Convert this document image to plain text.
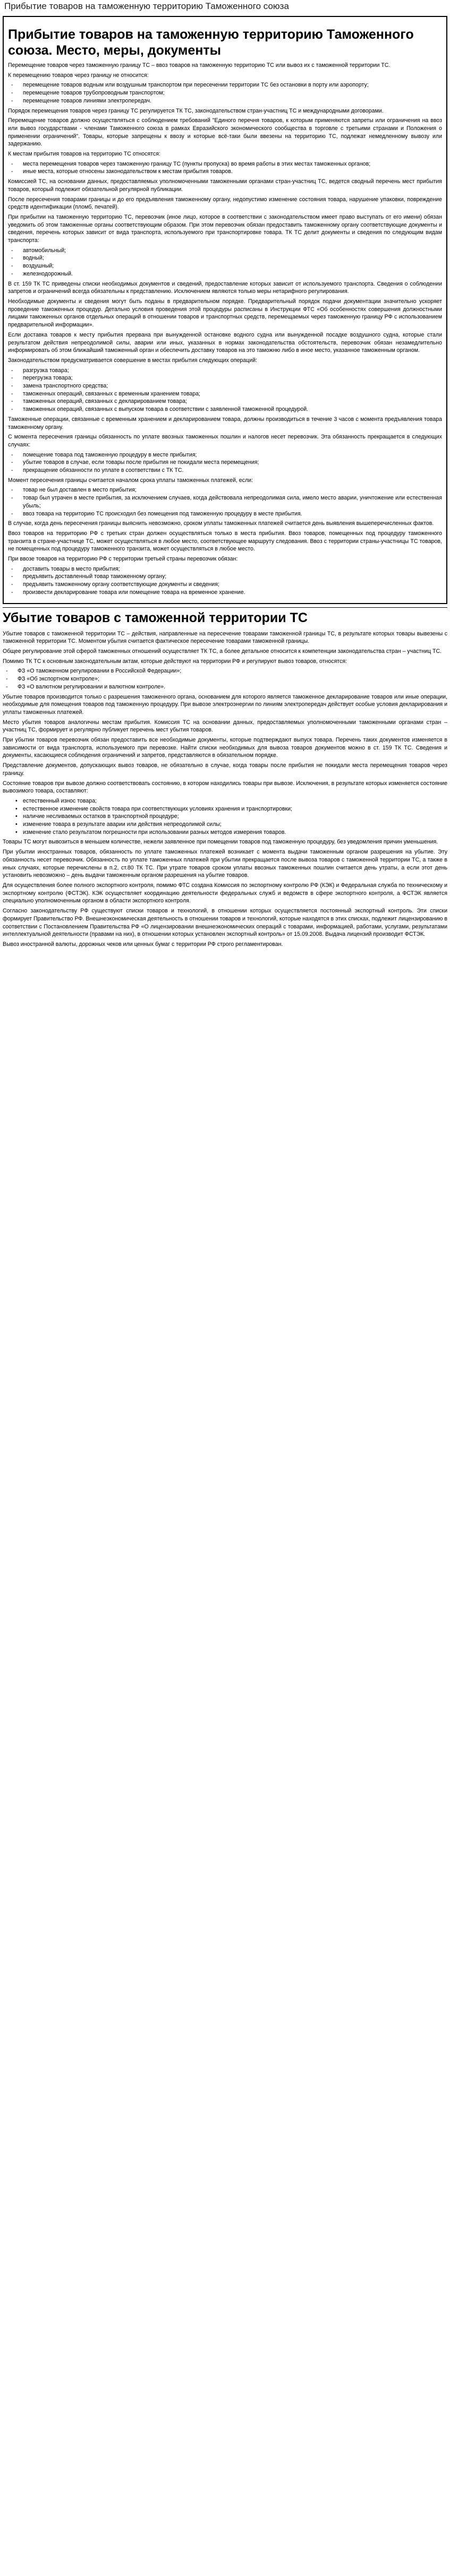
Прибытие товаров на таможенную территорию Таможенного союза
Прибытие товаров на таможенную территорию Таможенного союза. Место, меры, документы

Перемещение товаров через таможенную границу ТС – ввоз товаров на таможенную территорию ТС или вывоз их с таможенной территории ТС.

К перемещению товаров через границу не относится:

- перемещение товаров водным или воздушным транспортом при пересечении территории ТС без остановки в порту или аэропорту;
- перемещение товаров трубопроводным транспортом;
- перемещение товаров линиями электропередач.

Порядок перемещения товаров через границу ТС регулируется ТК ТС, законодательством стран-участниц ТС и международными договорами.

Перемещение товаров должно осуществляться с соблюдением требований "Единого перечня товаров, к которым применяются запреты или ограничения на ввоз или вывоз государствами - членами Таможенного союза в рамках Евразийского экономического сообщества в торговле с третьими странами и Положения о применении ограничений". Товары, которые запрещены к ввозу и которые всё-таки были ввезены на территорию ТС, подлежат немедленному вывозу или задержанию.

К местам прибытия товаров на территорию ТС относятся:

- места перемещения товаров через таможенную границу ТС (пункты пропуска) во время работы в этих местах таможенных органов;
- иные места, которые относены законодательством к местам прибытия товаров.

Комиссией ТС, на основании данных, предоставляемых уполномоченными таможенными органами стран-участниц ТС, ведется сводный перечень мест прибытия товаров, который подлежит обязательной регулярной публикации.

После пересечения товарами границы и до его предъявления таможенному органу, недопустимо изменение состояния товара, нарушение упаковки, повреждение средств идентификации (пломб, печатей).

При прибытии на таможенную территорию ТС, перевозчик (иное лицо, которое в соответствии с законодательством имеет право выступать от его имени) обязан уведомить об этом таможенные органы соответствующим образом. При этом перевозчик обязан предоставить таможенному органу соответствующие документы и сведения, перечень которых зависит от вида транспорта, используемого при транспортировке товара. ТК ТС делит документы и сведения по следующим видам транспорта:

- автомобильный;
- водный;
- воздушный;
- железнодорожный.

В ст. 159 ТК ТС приведены списки необходимых документов и сведений, предоставление которых зависит от используемого транспорта. Сведения о соблюдении запретов и ограничений всегда обязательны к представлению. Исключением являются только меры нетарифного регулирования.

Необходимые документы и сведения могут быть поданы в предварительном порядке. Предварительный порядок подачи документации значительно ускоряет проведение таможенных процедур. Детально условия проведения этой процедуры расписаны в Инструкции ФТС «Об особенностях совершения должностными лицами таможенных органов отдельных операций в отношении товаров и транспортных средств, перемещаемых через таможенную границу РФ с использованием предварительной информации».

Если доставка товаров к месту прибытия прервана при вынужденной остановке водного судна или вынужденной посадке воздушного судна, которые стали результатом действия непреодолимой силы, аварии или иных, указанных в нормах законодательства обстоятельств, перевозчик обязан незамедлительно информировать об этом ближайший таможенный орган и обеспечить доставку товаров на это таможню либо в иное место, указанное таможенным органом.

Законодательством предусматривается совершение в местах прибытия следующих операций:

- разгрузка товара;
- перегрузка товара;
- замена транспортного средства;
- таможенных операций, связанных с временным хранением товара;
- таможенных операций, связанных с декларированием товара;
- таможенных операций, связанных с выпуском товара в соответствии с заявленной таможенной процедурой.

Таможенные операции, связанные с временным хранением и декларированием товара, должны производиться в течение 3 часов с момента предъявления товара таможенному органу.

С момента пересечения границы обязанность по уплате ввозных таможенных пошлин и налогов несет перевозчик. Эта обязанность прекращается в следующих случаях:

- помещение товара под таможенную процедуру в месте прибытия;
- убытие товаров в случае, если товары после прибытия не покидали места перемещения;
- прекращение обязанности по уплате в соответствии с ТК ТС.

Момент пересечения границы считается началом срока уплаты таможенных платежей, если:

- товар не был доставлен в место прибытия;
- товар был утрачен в месте прибытия, за исключением случаев, когда действовала непреодолимая сила, имело место аварии, уничтожение или естественная убыль;
- ввоз товара на территорию ТС происходил без помещения под таможенную процедуру в месте прибытия.

В случае, когда день пересечения границы выяснить невозможно, сроком уплаты таможенных платежей считается день выявления вышеперечисленных фактов.

Ввоз товаров на территорию РФ с третьих стран должен осуществляться только в места прибытия. Ввоз товаров, помещенных под процедуру таможенного транзита в стране-участнице ТС, может осуществляться в любое место, соответствующее маршруту следования. Ввоз с территории страны-участницы ТС товаров, не помещенных под процедуру таможенного транзита, может осуществляться в любое место.

При ввозе товаров на территорию РФ с территории третьей страны перевозчик обязан:

- доставить товары в место прибытия;
- предъявить доставленный товар таможенному органу;
- предъявить таможенному органу соответствующие документы и сведения;
- произвести декларирование товара или помещение товара на временное хранение.
Убытие товаров с таможенной территории ТС

Убытие товаров с таможенной территории ТС – действия, направленные на пересечение товарами таможенной границы ТС, в результате которых товары вывезены с таможенной территории ТС. Моментом убытия считается фактическое пересечение товарами таможенной границы.

Общее регулирование этой сферой таможенных отношений осуществляет ТК ТС, а более детальное относится к компетенции законодательства стран – участниц ТС.

Помимо ТК ТС к основным законодательным актам, которые действуют на территории РФ и регулируют вывоз товаров, относятся:

- ФЗ «О таможенном регулировании в Российской Федерации»;
- ФЗ «Об экспортном контроле»;
- ФЗ «О валютном регулировании и валютном контроле».

Убытие товаров производится только с разрешения таможенного органа, основанием для которого является таможенное декларирование товаров или иные операции, необходимые для помещения товаров под таможенную процедуру. При вывозе электроэнергии по линиям электропередач действует особые условия декларирования и уплаты таможенных платежей.

Место убытия товаров аналогичны местам прибытия. Комиссия ТС на основании данных, предоставляемых уполномоченными таможенными органами стран – участниц ТС, формирует и регулярно публикует перечень мест убытия товаров.

При убытии товаров перевозчик обязан предоставить все необходимые документы, которые подтверждают выпуск товара. Перечень таких документов изменяется в зависимости от вида транспорта, используемого при перевозке. Найти списки необходимых для вывоза товаров документов можно в ст. 159 ТК ТС. Сведения и документы, касающиеся соблюдения ограничений и запретов, представляются в обязательном порядке.

Представление документов, допускающих вывоз товаров, не обязательно в случае, когда товары после прибытия не покидали места перемещения товаров через границу.

Состояние товаров при вывозе должно соответствовать состоянию, в котором находились товары при вывозе. Исключения, в результате которых изменяется состояние вывозимого товара, составляют:

• естественный износ товара;
• естественное изменение свойств товара при соответствующих условиях хранения и транспортировки;
• наличие несливаемых остатков в транспортной процедуре;
• изменение товара в результате аварии или действия непреодолимой силы;
• изменение стало результатом погрешности при использовании разных методов измерения товаров.

Товары ТС могут вывозиться в меньшем количестве, нежели заявленное при помещении товаров под таможенную процедуру, без уведомления причин уменьшения.

При убытии иностранных товаров, обязанность по уплате таможенных платежей возникает с момента выдачи таможенным органом разрешения на убытие. Эту обязанность несет перевозчик. Обязанность по уплате таможенных платежей при убытии прекращается после вывоза товаров с таможенной территории ТС, а также в иных случаях, которые перечислены в п.2, ст.80 ТК ТС. При утрате товаров сроком уплаты ввозных таможенных пошлин считается день утраты, а если этот день установить невозможно – день выдачи таможенным органом разрешения на убытие товаров.

Для осуществления более полного экспортного контроля, помимо ФТС создана Комиссия по экспортному контролю РФ (КЭК) и Федеральная служба по техническому и экспортному контролю (ФСТЭК). КЭК осуществляет координацию деятельности федеральных служб и ведомств в сфере экспортного контроля, а ФСТЭК является специально уполномоченным органом в области экспортного контроля.

Согласно законодательству РФ существуют списки товаров и технологий, в отношении которых осуществляется постоянный экспортный контроль. Эти списки формирует Правительство РФ. Внешнеэкономическая деятельность в отношении товаров и технологий, которые находятся в этих списках, подлежит лицензированию в соответствии с Постановлением Правительства РФ «О лицензировании внешнеэкономических операций с товарами, информацией, работами, услугами, результатами интеллектуальной деятельности (правами на них), в отношении которых установлен экспортный контроль» от 15.09.2008. Выдача лицензий производит ФСТЭК.

Вывоз иностранной валюты, дорожных чеков или ценных бумаг с территории РФ строго регламентирован.
